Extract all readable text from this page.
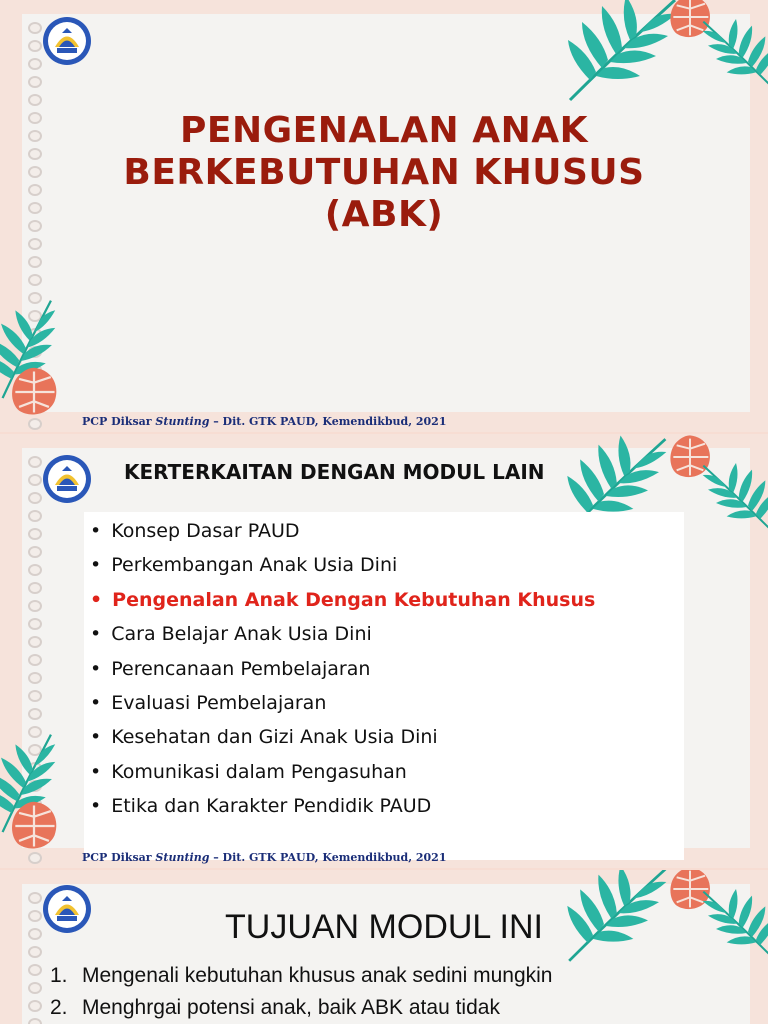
PENGENALAN ANAK
BERKEBUTUHAN KHUSUS
(ABK)
PCP Diksar Stunting – Dit. GTK PAUD, Kemendikbud, 2021
KERTERKAITAN DENGAN MODUL LAIN
• Konsep Dasar PAUD
• Perkembangan Anak Usia Dini
• Pengenalan Anak Dengan Kebutuhan Khusus
• Cara Belajar Anak Usia Dini
• Perencanaan Pembelajaran
• Evaluasi Pembelajaran
• Kesehatan dan Gizi Anak Usia Dini
• Komunikasi dalam Pengasuhan
• Etika dan Karakter Pendidik PAUD
PCP Diksar Stunting – Dit. GTK PAUD, Kemendikbud, 2021
TUJUAN MODUL INI
1. Mengenali kebutuhan khusus anak sedini mungkin
2. Menghrgai potensi anak, baik ABK atau tidak
